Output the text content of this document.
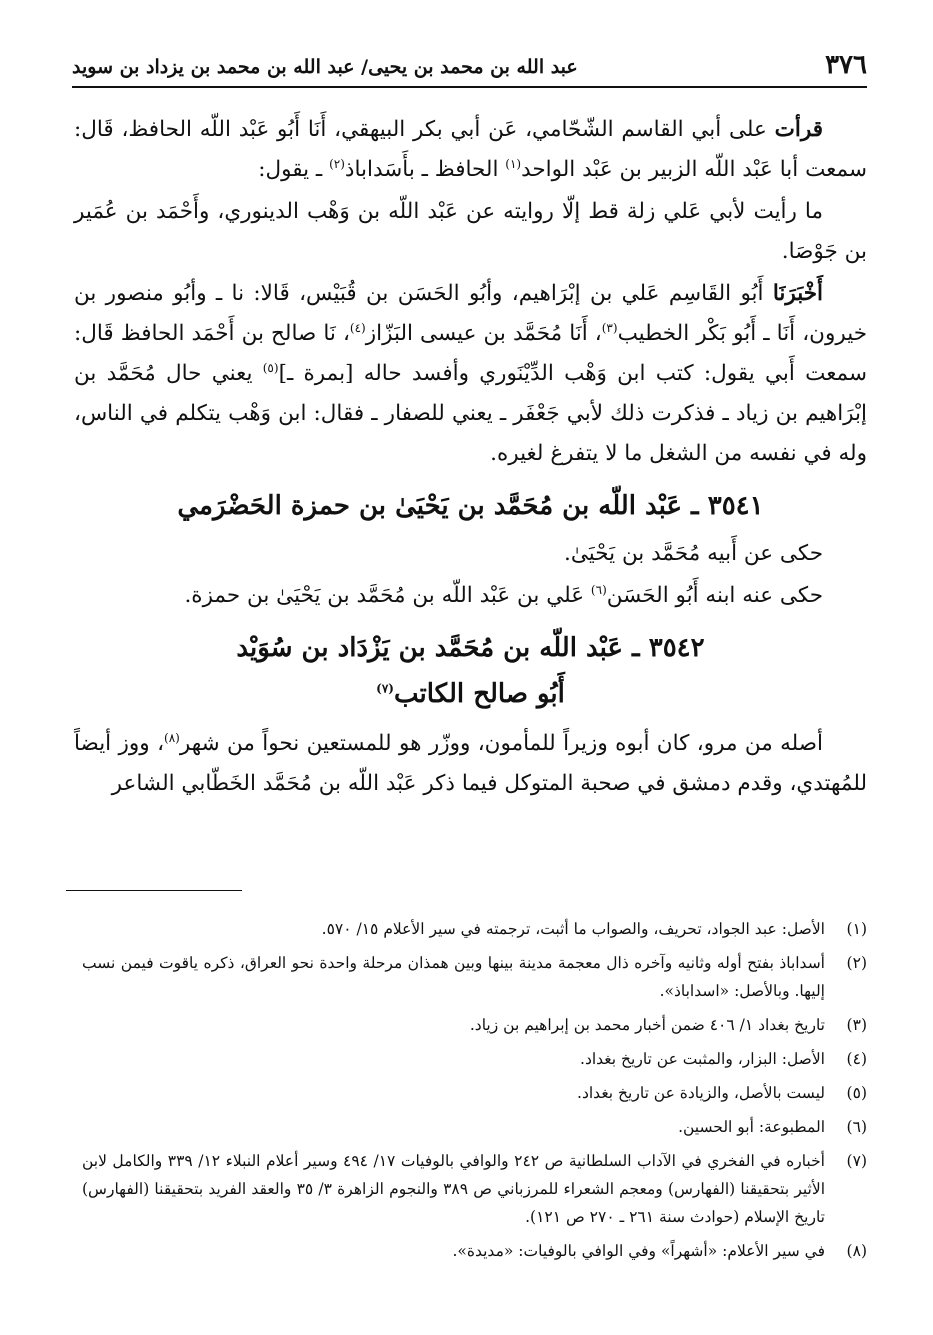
٣٧٦
عبد الله بن محمد بن يحيى/ عبد الله بن محمد بن يزداد بن سويد

قرأت على أبي القاسم الشّحّامي، عَن أبي بكر البيهقي، أَنَا أَبُو عَبْد اللّه الحافظ، قَال: سمعت أبا عَبْد اللّه الزبير بن عَبْد الواحد$^{(١)}$ الحافظ ـ بأَسَداباذ$^{(٢)}$ ـ يقول:

ما رأيت لأبي عَلي زلة قط إلّا روايته عن عَبْد اللّه بن وَهْب الدينوري، وأَحْمَد بن عُمَير بن جَوْصَا.

أَخْبَرَنَا أَبُو القَاسِم عَلي بن إبْرَاهيم، وأبُو الحَسَن بن قُبَيْس، قَالا: نا ـ وأبُو منصور بن خيرون، أَنَا ـ أَبُو بَكْر الخطيب$^{(٣)}$، أَنَا مُحَمَّد بن عيسى البَزّاز$^{(٤)}$، نَا صالح بن أَحْمَد الحافظ قَال: سمعت أَبي يقول: كتب ابن وَهْب الدِّيْنَوري وأفسد حاله [بمرة ـ]$^{(٥)}$ يعني حال مُحَمَّد بن إبْرَاهيم بن زياد ـ فذكرت ذلك لأبي جَعْفَر ـ يعني للصفار ـ فقال: ابن وَهْب يتكلم في الناس، وله في نفسه من الشغل ما لا يتفرغ لغيره.

٣٥٤١ ـ عَبْد اللّه بن مُحَمَّد بن يَحْيَىٰ بن حمزة الحَضْرَمي

حكى عن أَبيه مُحَمَّد بن يَحْيَىٰ.

حكى عنه ابنه أَبُو الحَسَن$^{(٦)}$ عَلي بن عَبْد اللّه بن مُحَمَّد بن يَحْيَىٰ بن حمزة.

٣٥٤٢ ـ عَبْد اللّه بن مُحَمَّد بن يَزْدَاد بن سُوَيْد
أَبُو صالح الكاتب$^{(٧)}$

أصله من مرو، كان أبوه وزيراً للمأمون، ووزّر هو للمستعين نحواً من شهر$^{(٨)}$، ووز أيضاً للمُهتدي، وقدم دمشق في صحبة المتوكل فيما ذكر عَبْد اللّه بن مُحَمَّد الخَطّابي الشاعر

(١)
الأصل: عبد الجواد، تحريف، والصواب ما أثبت، ترجمته في سير الأعلام ١٥/ ٥٧٠.
(٢)
أسداباذ بفتح أوله وثانيه وآخره ذال معجمة مدينة بينها وبين همذان مرحلة واحدة نحو العراق، ذكره ياقوت فيمن نسب إليها. وبالأصل: «اسداباذ».
(٣)
تاريخ بغداد ١/ ٤٠٦ ضمن أخبار محمد بن إبراهيم بن زياد.
(٤)
الأصل: البزار، والمثبت عن تاريخ بغداد.
(٥)
ليست بالأصل، والزيادة عن تاريخ بغداد.
(٦)
المطبوعة: أبو الحسين.
(٧)
أخباره في الفخري في الآداب السلطانية ص ٢٤٢ والوافي بالوفيات ١٧/ ٤٩٤ وسير أعلام النبلاء ١٢/ ٣٣٩ والكامل لابن الأثير بتحقيقنا (الفهارس) ومعجم الشعراء للمرزباني ص ٣٨٩ والنجوم الزاهرة ٣/ ٣٥ والعقد الفريد بتحقيقنا (الفهارس) تاريخ الإسلام (حوادث سنة ٢٦١ ـ ٢٧٠ ص ١٢١).
(٨)
في سير الأعلام: «أشهراً» وفي الوافي بالوفيات: «مديدة».
